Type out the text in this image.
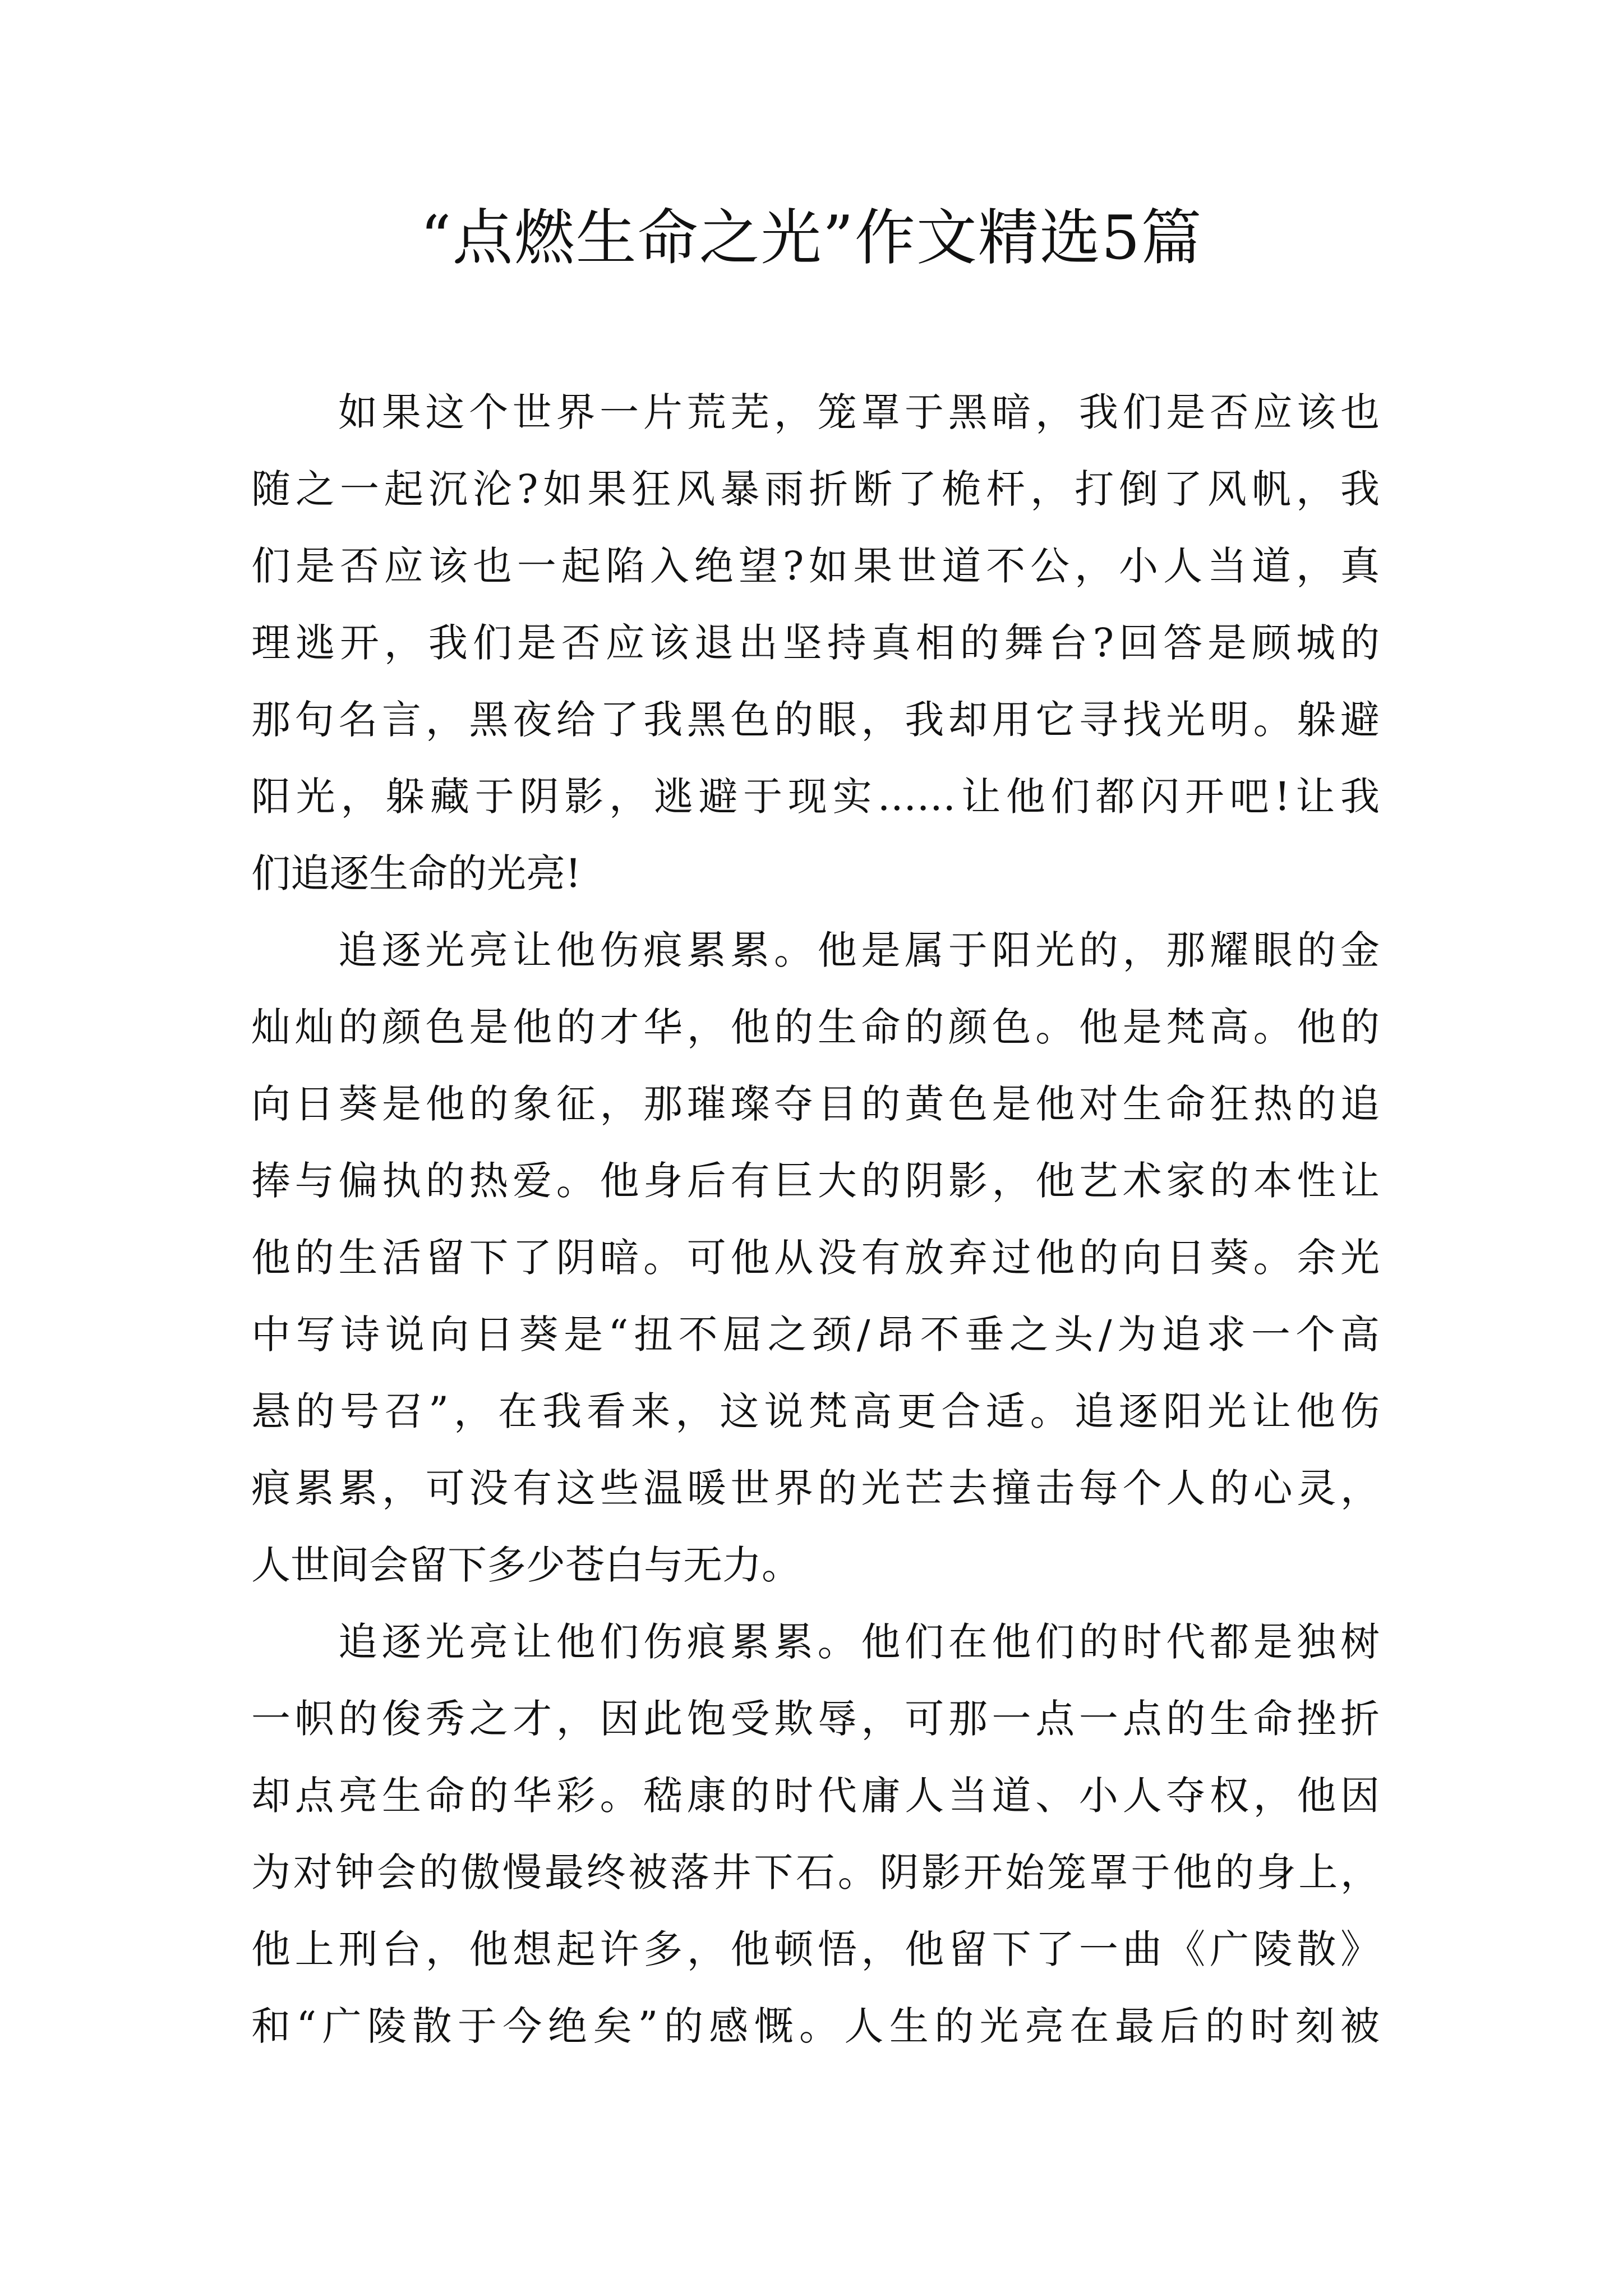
“点燃生命之光”作文精选5篇
如果这个世界一片荒芜，笼罩于黑暗，我们是否应该也
随之一起沉沦?如果狂风暴雨折断了桅杆，打倒了风帆，我
们是否应该也一起陷入绝望?如果世道不公，小人当道，真
理逃开，我们是否应该退出坚持真相的舞台?回答是顾城的
那句名言，黑夜给了我黑色的眼，我却用它寻找光明。躲避
阳光，躲藏于阴影，逃避于现实……让他们都闪开吧!让我
们追逐生命的光亮!
追逐光亮让他伤痕累累。他是属于阳光的，那耀眼的金
灿灿的颜色是他的才华，他的生命的颜色。他是梵高。他的
向日葵是他的象征，那璀璨夺目的黄色是他对生命狂热的追
捧与偏执的热爱。他身后有巨大的阴影，他艺术家的本性让
他的生活留下了阴暗。可他从没有放弃过他的向日葵。余光
中写诗说向日葵是“扭不屈之颈/昂不垂之头/为追求一个高
悬的号召”，在我看来，这说梵高更合适。追逐阳光让他伤
痕累累，可没有这些温暖世界的光芒去撞击每个人的心灵，
人世间会留下多少苍白与无力。
追逐光亮让他们伤痕累累。他们在他们的时代都是独树
一帜的俊秀之才，因此饱受欺辱，可那一点一点的生命挫折
却点亮生命的华彩。嵇康的时代庸人当道、小人夺权，他因
为对钟会的傲慢最终被落井下石。阴影开始笼罩于他的身上，
他上刑台，他想起许多，他顿悟，他留下了一曲《广陵散》
和“广陵散于今绝矣”的感慨。人生的光亮在最后的时刻被
